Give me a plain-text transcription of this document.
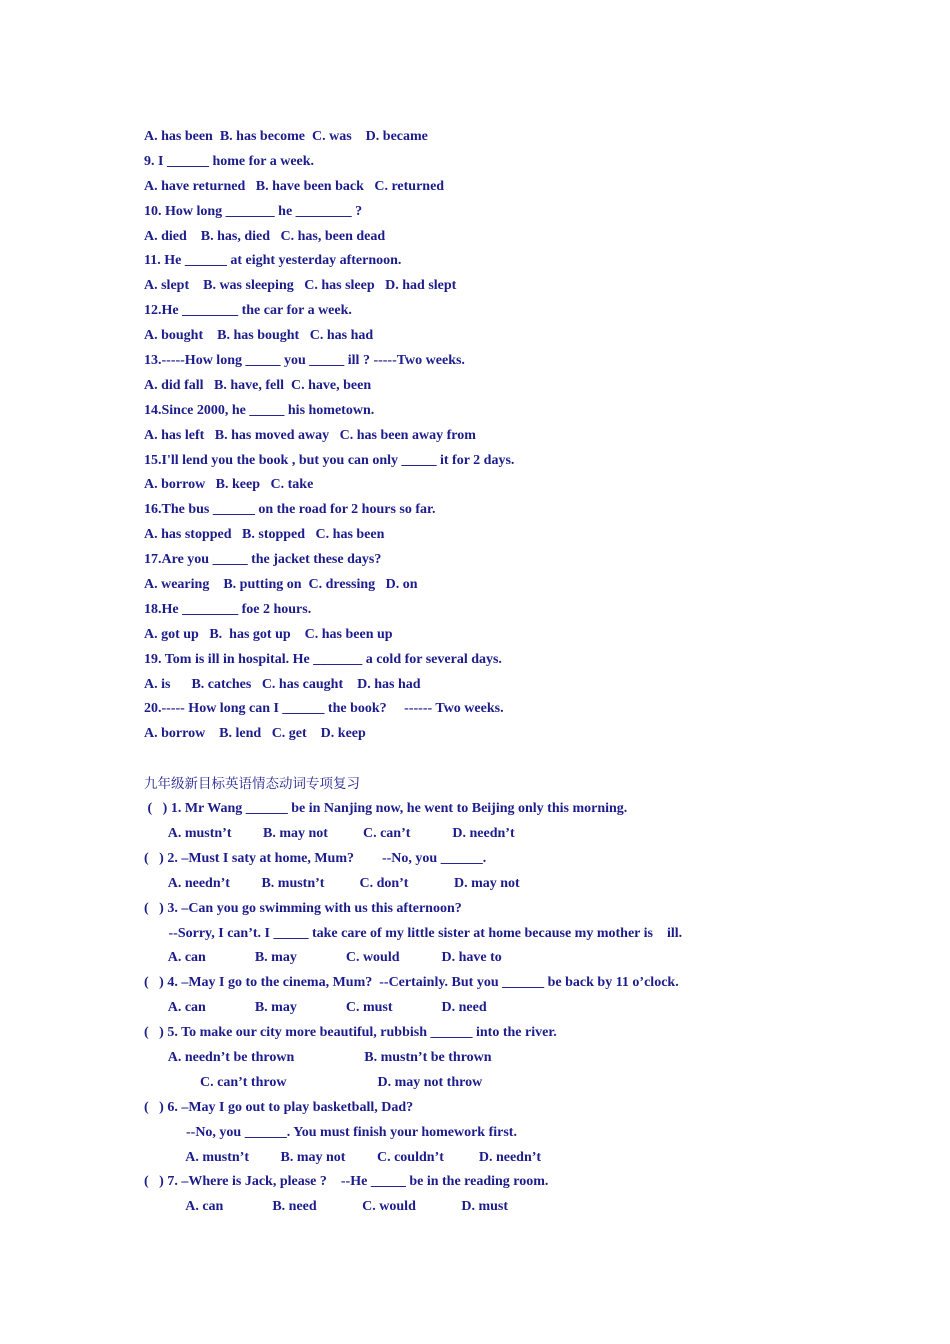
A. has been  B. has become  C. was    D. became
9. I ______ home for a week.
A. have returned   B. have been back   C. returned
10. How long _______ he ________ ?
A. died    B. has, died   C. has, been dead
11. He ______ at eight yesterday afternoon.
A. slept    B. was sleeping   C. has sleep   D. had slept
12.He ________ the car for a week.
A. bought    B. has bought   C. has had
13.-----How long _____ you _____ ill ? -----Two weeks.
A. did fall   B. have, fell  C. have, been
14.Since 2000, he _____ his hometown.
A. has left   B. has moved away   C. has been away from
15.I'll lend you the book , but you can only _____ it for 2 days.
A. borrow   B. keep   C. take
16.The bus ______ on the road for 2 hours so far.
A. has stopped   B. stopped   C. has been
17.Are you _____ the jacket these days?
A. wearing    B. putting on  C. dressing   D. on
18.He ________ foe 2 hours.
A. got up   B.  has got up    C. has been up
19. Tom is ill in hospital. He _______ a cold for several days.
A. is      B. catches   C. has caught    D. has had
20.----- How long can I ______ the book?     ------ Two weeks.
A. borrow    B. lend   C. get    D. keep
九年级新目标英语情态动词专项复习
(   ) 1. Mr Wang ______ be in Nanjing now, he went to Beijing only this morning.
A. mustn’t         B. may not          C. can’t            D. needn’t
(   ) 2. –Must I saty at home, Mum?        --No, you ______.
A. needn’t         B. mustn’t          C. don’t             D. may not
(   ) 3. –Can you go swimming with us this afternoon?
--Sorry, I can’t. I _____ take care of my little sister at home because my mother is    ill.
A. can              B. may              C. would            D. have to
(   ) 4. –May I go to the cinema, Mum?  --Certainly. But you ______ be back by 11 o’clock.
A. can              B. may              C. must              D. need
(   ) 5. To make our city more beautiful, rubbish ______ into the river.
A. needn’t be thrown                    B. mustn’t be thrown
C. can’t throw                          D. may not throw
(   ) 6. –May I go out to play basketball, Dad?
--No, you ______. You must finish your homework first.
A. mustn’t         B. may not         C. couldn’t          D. needn’t
(   ) 7. –Where is Jack, please ?    --He _____ be in the reading room.
A. can              B. need             C. would             D. must
